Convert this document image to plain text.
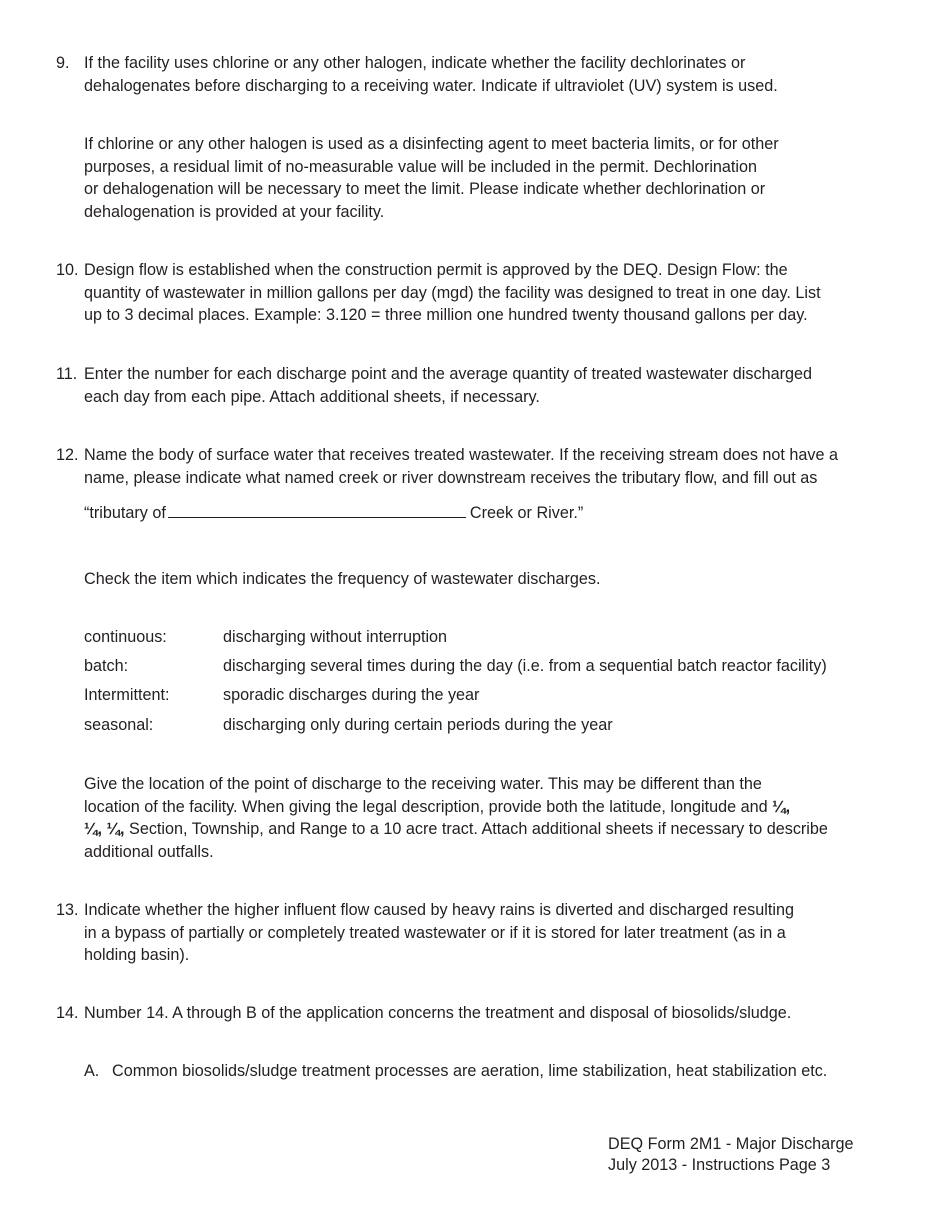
9. If the facility uses chlorine or any other halogen, indicate whether the facility dechlorinates or
dehalogenates before discharging to a receiving water. Indicate if ultraviolet (UV) system is used.
If chlorine or any other halogen is used as a disinfecting agent to meet bacteria limits, or for other
purposes, a residual limit of no-measurable value will be included in the permit. Dechlorination
or dehalogenation will be necessary to meet the limit. Please indicate whether dechlorination or
dehalogenation is provided at your facility.
10. Design flow is established when the construction permit is approved by the DEQ. Design Flow: the
quantity of wastewater in million gallons per day (mgd) the facility was designed to treat in one day. List
up to 3 decimal places. Example: 3.120 = three million one hundred twenty thousand gallons per day.
11. Enter the number for each discharge point and the average quantity of treated wastewater discharged
each day from each pipe. Attach additional sheets, if necessary.
12. Name the body of surface water that receives treated wastewater. If the receiving stream does not have a
name, please indicate what named creek or river downstream receives the tributary flow, and fill out as
“tributary of	Creek or River.”
Check the item which indicates the frequency of wastewater discharges.
continuous:	discharging without interruption
batch:	discharging several times during the day (i.e. from a sequential batch reactor facility)
Intermittent:	sporadic discharges during the year
seasonal:	discharging only during certain periods during the year
Give the location of the point of discharge to the receiving water. This may be different than the
location of the facility. When giving the legal description, provide both the latitude, longitude and ¼,
¼, ¼, Section, Township, and Range to a 10 acre tract. Attach additional sheets if necessary to describe
additional outfalls.
13. Indicate whether the higher influent flow caused by heavy rains is diverted and discharged resulting
in a bypass of partially or completely treated wastewater or if it is stored for later treatment (as in a
holding basin).
14. Number 14. A through B of the application concerns the treatment and disposal of biosolids/sludge.
A. Common biosolids/sludge treatment processes are aeration, lime stabilization, heat stabilization etc.
DEQ Form 2M1 - Major Discharge
July 2013 - Instructions Page 3
